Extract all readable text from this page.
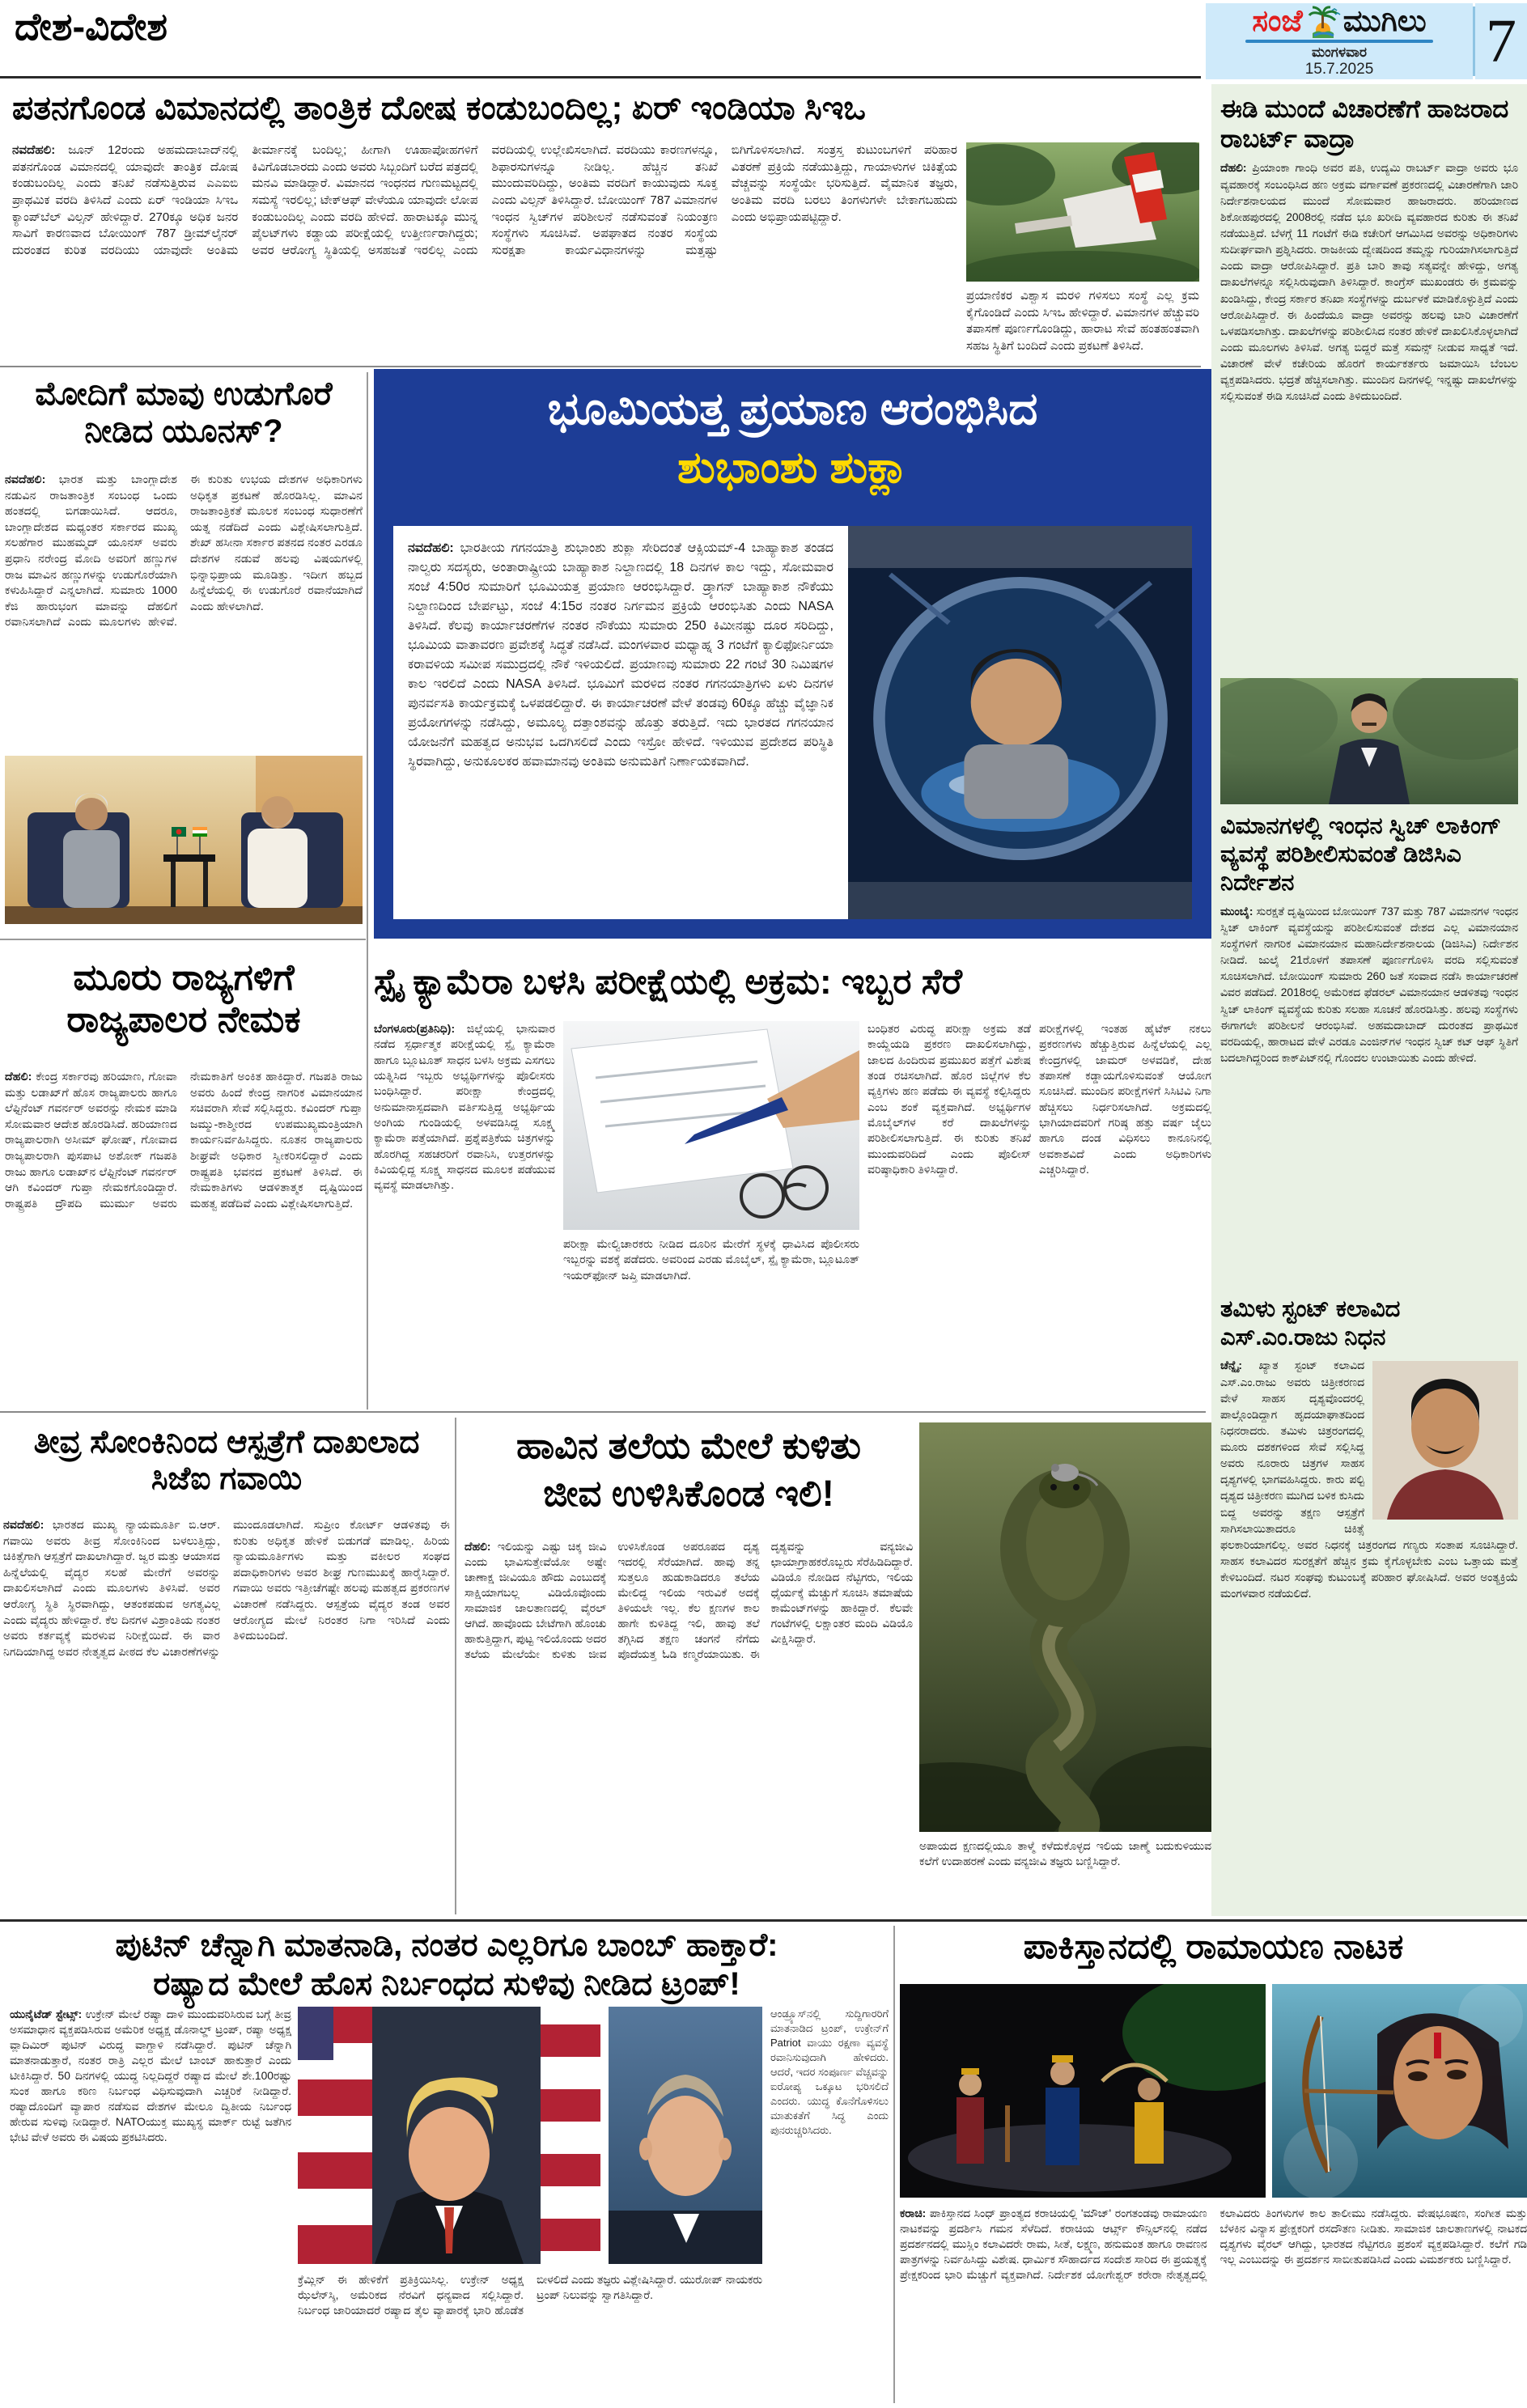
ದೇಶ-ವಿದೇಶ	ಸಂಜೆ ಮುಗಿಲು
ಮಂಗಳವಾರ
15.7.2025 7
ಪತನಗೊಂಡ ವಿಮಾನದಲ್ಲಿ ತಾಂತ್ರಿಕ ದೋಷ ಕಂಡುಬಂದಿಲ್ಲ; ಏರ್ ಇಂಡಿಯಾ ಸಿಇಒ
ನವದೆಹಲಿ: ಜೂನ್ 12ರಂದು ಅಹಮದಾಬಾದ್‌ನಲ್ಲಿ ಪತನಗೊಂಡ ವಿಮಾನದಲ್ಲಿ ಯಾವುದೇ ತಾಂತ್ರಿಕ ದೋಷ ಕಂಡುಬಂದಿಲ್ಲ ಎಂದು ತನಿಖೆ ನಡೆಸುತ್ತಿರುವ ಎಎಐಬಿ ಪ್ರಾಥಮಿಕ ವರದಿ ತಿಳಿಸಿದೆ ಎಂದು ಏರ್ ಇಂಡಿಯಾ ಸಿಇಒ ಕ್ಯಾಂಪ್‌ಬೆಲ್ ವಿಲ್ಸನ್ ಹೇಳಿದ್ದಾರೆ. 270ಕ್ಕೂ ಅಧಿಕ ಜನರ ಸಾವಿಗೆ ಕಾರಣವಾದ ಬೋಯಿಂಗ್ 787 ಡ್ರೀಮ್‌ಲೈನರ್ ದುರಂತದ ಕುರಿತ ವರದಿಯು ಯಾವುದೇ ಅಂತಿಮ ತೀರ್ಮಾನಕ್ಕೆ ಬಂದಿಲ್ಲ; ಹೀಗಾಗಿ ಊಹಾಪೋಹಗಳಿಗೆ ಕಿವಿಗೊಡಬಾರದು ಎಂದು ಅವರು ಸಿಬ್ಬಂದಿಗೆ ಬರೆದ ಪತ್ರದಲ್ಲಿ ಮನವಿ ಮಾಡಿದ್ದಾರೆ. ವಿಮಾನದ ಇಂಧನದ ಗುಣಮಟ್ಟದಲ್ಲಿ ಸಮಸ್ಯೆ ಇರಲಿಲ್ಲ; ಟೇಕ್‌ಆಫ್ ವೇಳೆಯೂ ಯಾವುದೇ ಲೋಪ ಕಂಡುಬಂದಿಲ್ಲ ಎಂದು ವರದಿ ಹೇಳಿದೆ. ಹಾರಾಟಕ್ಕೂ ಮುನ್ನ ಪೈಲಟ್‌ಗಳು ಕಡ್ಡಾಯ ಪರೀಕ್ಷೆಯಲ್ಲಿ ಉತ್ತೀರ್ಣರಾಗಿದ್ದರು; ಅವರ ಆರೋಗ್ಯ ಸ್ಥಿತಿಯಲ್ಲಿ ಅಸಹಜತೆ ಇರಲಿಲ್ಲ ಎಂದು ವರದಿಯಲ್ಲಿ ಉಲ್ಲೇಖಿಸಲಾಗಿದೆ. ವರದಿಯು ಕಾರಣಗಳನ್ನೂ, ಶಿಫಾರಸುಗಳನ್ನೂ ನೀಡಿಲ್ಲ. ಹೆಚ್ಚಿನ ತನಿಖೆ ಮುಂದುವರಿದಿದ್ದು, ಅಂತಿಮ ವರದಿಗೆ ಕಾಯುವುದು ಸೂಕ್ತ ಎಂದು ವಿಲ್ಸನ್ ತಿಳಿಸಿದ್ದಾರೆ. ಬೋಯಿಂಗ್ 787 ವಿಮಾನಗಳ ಇಂಧನ ಸ್ವಿಚ್‌ಗಳ ಪರಿಶೀಲನೆ ನಡೆಸುವಂತೆ ನಿಯಂತ್ರಣ ಸಂಸ್ಥೆಗಳು ಸೂಚಿಸಿವೆ. ಅಪಘಾತದ ನಂತರ ಸಂಸ್ಥೆಯ ಸುರಕ್ಷತಾ ಕಾರ್ಯವಿಧಾನಗಳನ್ನು ಮತ್ತಷ್ಟು ಬಿಗಿಗೊಳಿಸಲಾಗಿದೆ. ಸಂತ್ರಸ್ತ ಕುಟುಂಬಗಳಿಗೆ ಪರಿಹಾರ ವಿತರಣೆ ಪ್ರಕ್ರಿಯೆ ನಡೆಯುತ್ತಿದ್ದು, ಗಾಯಾಳುಗಳ ಚಿಕಿತ್ಸೆಯ ವೆಚ್ಚವನ್ನು ಸಂಸ್ಥೆಯೇ ಭರಿಸುತ್ತಿದೆ. ವೈಮಾನಿಕ ತಜ್ಞರು, ಅಂತಿಮ ವರದಿ ಬರಲು ತಿಂಗಳುಗಳೇ ಬೇಕಾಗಬಹುದು ಎಂದು ಅಭಿಪ್ರಾಯಪಟ್ಟಿದ್ದಾರೆ.
ಪ್ರಯಾಣಿಕರ ವಿಶ್ವಾಸ ಮರಳಿ ಗಳಿಸಲು ಸಂಸ್ಥೆ ಎಲ್ಲ ಕ್ರಮ ಕೈಗೊಂಡಿದೆ ಎಂದು ಸಿಇಒ ಹೇಳಿದ್ದಾರೆ. ವಿಮಾನಗಳ ಹೆಚ್ಚುವರಿ ತಪಾಸಣೆ ಪೂರ್ಣಗೊಂಡಿದ್ದು, ಹಾರಾಟ ಸೇವೆ ಹಂತಹಂತವಾಗಿ ಸಹಜ ಸ್ಥಿತಿಗೆ ಬಂದಿದೆ ಎಂದು ಪ್ರಕಟಣೆ ತಿಳಿಸಿದೆ.
ಮೋದಿಗೆ ಮಾವು ಉಡುಗೊರೆ ನೀಡಿದ ಯೂನಸ್?
ನವದೆಹಲಿ: ಭಾರತ ಮತ್ತು ಬಾಂಗ್ಲಾದೇಶ ನಡುವಿನ ರಾಜತಾಂತ್ರಿಕ ಸಂಬಂಧ ಒಂದು ಹಂತದಲ್ಲಿ ಬಿಗಡಾಯಿಸಿದೆ. ಆದರೂ, ಬಾಂಗ್ಲಾದೇಶದ ಮಧ್ಯಂತರ ಸರ್ಕಾರದ ಮುಖ್ಯ ಸಲಹೆಗಾರ ಮುಹಮ್ಮದ್ ಯೂನಸ್ ಅವರು ಪ್ರಧಾನಿ ನರೇಂದ್ರ ಮೋದಿ ಅವರಿಗೆ ಹಣ್ಣುಗಳ ರಾಜ ಮಾವಿನ ಹಣ್ಣುಗಳನ್ನು ಉಡುಗೊರೆಯಾಗಿ ಕಳುಹಿಸಿದ್ದಾರೆ ಎನ್ನಲಾಗಿದೆ. ಸುಮಾರು 1000 ಕೆಜಿ ಹಾರುಭಂಗ ಮಾವನ್ನು ದೆಹಲಿಗೆ ರವಾನಿಸಲಾಗಿದೆ ಎಂದು ಮೂಲಗಳು ಹೇಳಿವೆ. ಈ ಕುರಿತು ಉಭಯ ದೇಶಗಳ ಅಧಿಕಾರಿಗಳು ಅಧಿಕೃತ ಪ್ರಕಟಣೆ ಹೊರಡಿಸಿಲ್ಲ. ಮಾವಿನ ರಾಜತಾಂತ್ರಿಕತೆ ಮೂಲಕ ಸಂಬಂಧ ಸುಧಾರಣೆಗೆ ಯತ್ನ ನಡೆದಿದೆ ಎಂದು ವಿಶ್ಲೇಷಿಸಲಾಗುತ್ತಿದೆ. ಶೇಖ್ ಹಸೀನಾ ಸರ್ಕಾರ ಪತನದ ನಂತರ ಎರಡೂ ದೇಶಗಳ ನಡುವೆ ಹಲವು ವಿಷಯಗಳಲ್ಲಿ ಭಿನ್ನಾಭಿಪ್ರಾಯ ಮೂಡಿತ್ತು. ಇದೀಗ ಹಬ್ಬದ ಹಿನ್ನೆಲೆಯಲ್ಲಿ ಈ ಉಡುಗೊರೆ ರವಾನೆಯಾಗಿದೆ ಎಂದು ಹೇಳಲಾಗಿದೆ.
ಮೂರು ರಾಜ್ಯಗಳಿಗೆ ರಾಜ್ಯಪಾಲರ ನೇಮಕ
ದೆಹಲಿ: ಕೇಂದ್ರ ಸರ್ಕಾರವು ಹರಿಯಾಣ, ಗೋವಾ ಮತ್ತು ಲಡಾಖ್‌ಗೆ ಹೊಸ ರಾಜ್ಯಪಾಲರು ಹಾಗೂ ಲೆಫ್ಟಿನೆಂಟ್ ಗವರ್ನರ್ ಅವರನ್ನು ನೇಮಕ ಮಾಡಿ ಸೋಮವಾರ ಆದೇಶ ಹೊರಡಿಸಿದೆ. ಹರಿಯಾಣದ ರಾಜ್ಯಪಾಲರಾಗಿ ಅಸೀಮ್ ಘೋಷ್, ಗೋವಾದ ರಾಜ್ಯಪಾಲರಾಗಿ ಪುಸಪಾಟಿ ಅಶೋಕ್ ಗಜಪತಿ ರಾಜು ಹಾಗೂ ಲಡಾಖ್‌ನ ಲೆಫ್ಟಿನೆಂಟ್ ಗವರ್ನರ್ ಆಗಿ ಕವಿಂದರ್ ಗುಪ್ತಾ ನೇಮಕಗೊಂಡಿದ್ದಾರೆ. ರಾಷ್ಟ್ರಪತಿ ದ್ರೌಪದಿ ಮುರ್ಮು ಅವರು ನೇಮಕಾತಿಗೆ ಅಂಕಿತ ಹಾಕಿದ್ದಾರೆ. ಗಜಪತಿ ರಾಜು ಅವರು ಹಿಂದೆ ಕೇಂದ್ರ ನಾಗರಿಕ ವಿಮಾನಯಾನ ಸಚಿವರಾಗಿ ಸೇವೆ ಸಲ್ಲಿಸಿದ್ದರು. ಕವಿಂದರ್ ಗುಪ್ತಾ ಜಮ್ಮು-ಕಾಶ್ಮೀರದ ಉಪಮುಖ್ಯಮಂತ್ರಿಯಾಗಿ ಕಾರ್ಯನಿರ್ವಹಿಸಿದ್ದರು. ನೂತನ ರಾಜ್ಯಪಾಲರು ಶೀಘ್ರವೇ ಅಧಿಕಾರ ಸ್ವೀಕರಿಸಲಿದ್ದಾರೆ ಎಂದು ರಾಷ್ಟ್ರಪತಿ ಭವನದ ಪ್ರಕಟಣೆ ತಿಳಿಸಿದೆ. ಈ ನೇಮಕಾತಿಗಳು ಆಡಳಿತಾತ್ಮಕ ದೃಷ್ಟಿಯಿಂದ ಮಹತ್ವ ಪಡೆದಿವೆ ಎಂದು ವಿಶ್ಲೇಷಿಸಲಾಗುತ್ತಿದೆ.
ಭೂಮಿಯತ್ತ ಪ್ರಯಾಣ ಆರಂಭಿಸಿದ
ಶುಭಾಂಶು ಶುಕ್ಲಾ
ನವದೆಹಲಿ: ಭಾರತೀಯ ಗಗನಯಾತ್ರಿ ಶುಭಾಂಶು ಶುಕ್ಲಾ ಸೇರಿದಂತೆ ಆಕ್ಸಿಯಮ್-4 ಬಾಹ್ಯಾಕಾಶ ತಂಡದ ನಾಲ್ವರು ಸದಸ್ಯರು, ಅಂತಾರಾಷ್ಟ್ರೀಯ ಬಾಹ್ಯಾಕಾಶ ನಿಲ್ದಾಣದಲ್ಲಿ 18 ದಿನಗಳ ಕಾಲ ಇದ್ದು, ಸೋಮವಾರ ಸಂಜೆ 4:50ರ ಸುಮಾರಿಗೆ ಭೂಮಿಯತ್ತ ಪ್ರಯಾಣ ಆರಂಭಿಸಿದ್ದಾರೆ. ಡ್ರ್ಯಾಗನ್ ಬಾಹ್ಯಾಕಾಶ ನೌಕೆಯು ನಿಲ್ದಾಣದಿಂದ ಬೇರ್ಪಟ್ಟು, ಸಂಜೆ 4:15ರ ನಂತರ ನಿರ್ಗಮನ ಪ್ರಕ್ರಿಯೆ ಆರಂಭಿಸಿತು ಎಂದು NASA ತಿಳಿಸಿದೆ. ಕೆಲವು ಕಾರ್ಯಾಚರಣೆಗಳ ನಂತರ ನೌಕೆಯು ಸುಮಾರು 250 ಕಿಮೀನಷ್ಟು ದೂರ ಸರಿದಿದ್ದು, ಭೂಮಿಯ ವಾತಾವರಣ ಪ್ರವೇಶಕ್ಕೆ ಸಿದ್ಧತೆ ನಡೆಸಿದೆ. ಮಂಗಳವಾರ ಮಧ್ಯಾಹ್ನ 3 ಗಂಟೆಗೆ ಕ್ಯಾಲಿಫೋರ್ನಿಯಾ ಕರಾವಳಿಯ ಸಮೀಪ ಸಮುದ್ರದಲ್ಲಿ ನೌಕೆ ಇಳಿಯಲಿದೆ. ಪ್ರಯಾಣವು ಸುಮಾರು 22 ಗಂಟೆ 30 ನಿಮಿಷಗಳ ಕಾಲ ಇರಲಿದೆ ಎಂದು NASA ತಿಳಿಸಿದೆ. ಭೂಮಿಗೆ ಮರಳಿದ ನಂತರ ಗಗನಯಾತ್ರಿಗಳು ಏಳು ದಿನಗಳ ಪುನರ್ವಸತಿ ಕಾರ್ಯಕ್ರಮಕ್ಕೆ ಒಳಪಡಲಿದ್ದಾರೆ. ಈ ಕಾರ್ಯಾಚರಣೆ ವೇಳೆ ತಂಡವು 60ಕ್ಕೂ ಹೆಚ್ಚು ವೈಜ್ಞಾನಿಕ ಪ್ರಯೋಗಗಳನ್ನು ನಡೆಸಿದ್ದು, ಅಮೂಲ್ಯ ದತ್ತಾಂಶವನ್ನು ಹೊತ್ತು ತರುತ್ತಿದೆ. ಇದು ಭಾರತದ ಗಗನಯಾನ ಯೋಜನೆಗೆ ಮಹತ್ವದ ಅನುಭವ ಒದಗಿಸಲಿದೆ ಎಂದು ಇಸ್ರೋ ಹೇಳಿದೆ. ಇಳಿಯುವ ಪ್ರದೇಶದ ಪರಿಸ್ಥಿತಿ ಸ್ಥಿರವಾಗಿದ್ದು, ಅನುಕೂಲಕರ ಹವಾಮಾನವು ಅಂತಿಮ ಅನುಮತಿಗೆ ನಿರ್ಣಾಯಕವಾಗಿದೆ.
ಸ್ಪೈ ಕ್ಯಾಮೆರಾ ಬಳಸಿ ಪರೀಕ್ಷೆಯಲ್ಲಿ ಅಕ್ರಮ: ಇಬ್ಬರ ಸೆರೆ
ಬೆಂಗಳೂರು(ಪ್ರತಿನಿಧಿ): ಜಿಲ್ಲೆಯಲ್ಲಿ ಭಾನುವಾರ ನಡೆದ ಸ್ಪರ್ಧಾತ್ಮಕ ಪರೀಕ್ಷೆಯಲ್ಲಿ ಸ್ಪೈ ಕ್ಯಾಮೆರಾ ಹಾಗೂ ಬ್ಲೂಟೂತ್ ಸಾಧನ ಬಳಸಿ ಅಕ್ರಮ ಎಸಗಲು ಯತ್ನಿಸಿದ ಇಬ್ಬರು ಅಭ್ಯರ್ಥಿಗಳನ್ನು ಪೊಲೀಸರು ಬಂಧಿಸಿದ್ದಾರೆ. ಪರೀಕ್ಷಾ ಕೇಂದ್ರದಲ್ಲಿ ಅನುಮಾನಾಸ್ಪದವಾಗಿ ವರ್ತಿಸುತ್ತಿದ್ದ ಅಭ್ಯರ್ಥಿಯ ಅಂಗಿಯ ಗುಂಡಿಯಲ್ಲಿ ಅಳವಡಿಸಿದ್ದ ಸೂಕ್ಷ್ಮ ಕ್ಯಾಮೆರಾ ಪತ್ತೆಯಾಗಿದೆ. ಪ್ರಶ್ನೆಪತ್ರಿಕೆಯ ಚಿತ್ರಗಳನ್ನು ಹೊರಗಿದ್ದ ಸಹಚರರಿಗೆ ರವಾನಿಸಿ, ಉತ್ತರಗಳನ್ನು ಕಿವಿಯಲ್ಲಿದ್ದ ಸೂಕ್ಷ್ಮ ಸಾಧನದ ಮೂಲಕ ಪಡೆಯುವ ವ್ಯವಸ್ಥೆ ಮಾಡಲಾಗಿತ್ತು.
ಪರೀಕ್ಷಾ ಮೇಲ್ವಿಚಾರಕರು ನೀಡಿದ ದೂರಿನ ಮೇರೆಗೆ ಸ್ಥಳಕ್ಕೆ ಧಾವಿಸಿದ ಪೊಲೀಸರು ಇಬ್ಬರನ್ನು ವಶಕ್ಕೆ ಪಡೆದರು. ಅವರಿಂದ ಎರಡು ಮೊಬೈಲ್, ಸ್ಪೈ ಕ್ಯಾಮೆರಾ, ಬ್ಲೂಟೂತ್ ಇಯರ್‌ಫೋನ್ ಜಪ್ತಿ ಮಾಡಲಾಗಿದೆ.
ಬಂಧಿತರ ವಿರುದ್ಧ ಪರೀಕ್ಷಾ ಅಕ್ರಮ ತಡೆ ಕಾಯ್ದೆಯಡಿ ಪ್ರಕರಣ ದಾಖಲಿಸಲಾಗಿದ್ದು, ಜಾಲದ ಹಿಂದಿರುವ ಪ್ರಮುಖರ ಪತ್ತೆಗೆ ವಿಶೇಷ ತಂಡ ರಚಿಸಲಾಗಿದೆ. ಹೊರ ಜಿಲ್ಲೆಗಳ ಕೆಲ ವ್ಯಕ್ತಿಗಳು ಹಣ ಪಡೆದು ಈ ವ್ಯವಸ್ಥೆ ಕಲ್ಪಿಸಿದ್ದರು ಎಂಬ ಶಂಕೆ ವ್ಯಕ್ತವಾಗಿದೆ. ಅಭ್ಯರ್ಥಿಗಳ ಮೊಬೈಲ್‌ಗಳ ಕರೆ ದಾಖಲೆಗಳನ್ನು ಪರಿಶೀಲಿಸಲಾಗುತ್ತಿದೆ. ಈ ಕುರಿತು ತನಿಖೆ ಮುಂದುವರಿದಿದೆ ಎಂದು ಪೊಲೀಸ್ ವರಿಷ್ಠಾಧಿಕಾರಿ ತಿಳಿಸಿದ್ದಾರೆ.
ಪರೀಕ್ಷೆಗಳಲ್ಲಿ ಇಂತಹ ಹೈಟೆಕ್ ನಕಲು ಪ್ರಕರಣಗಳು ಹೆಚ್ಚುತ್ತಿರುವ ಹಿನ್ನೆಲೆಯಲ್ಲಿ ಎಲ್ಲ ಕೇಂದ್ರಗಳಲ್ಲಿ ಜಾಮರ್ ಅಳವಡಿಕೆ, ದೇಹ ತಪಾಸಣೆ ಕಡ್ಡಾಯಗೊಳಿಸುವಂತೆ ಆಯೋಗ ಸೂಚಿಸಿದೆ. ಮುಂದಿನ ಪರೀಕ್ಷೆಗಳಿಗೆ ಸಿಸಿಟಿವಿ ನಿಗಾ ಹೆಚ್ಚಿಸಲು ನಿರ್ಧರಿಸಲಾಗಿದೆ. ಅಕ್ರಮದಲ್ಲಿ ಭಾಗಿಯಾದವರಿಗೆ ಗರಿಷ್ಠ ಹತ್ತು ವರ್ಷ ಜೈಲು ಹಾಗೂ ದಂಡ ವಿಧಿಸಲು ಕಾನೂನಿನಲ್ಲಿ ಅವಕಾಶವಿದೆ ಎಂದು ಅಧಿಕಾರಿಗಳು ಎಚ್ಚರಿಸಿದ್ದಾರೆ.
ತೀವ್ರ ಸೋಂಕಿನಿಂದ ಆಸ್ಪತ್ರೆಗೆ ದಾಖಲಾದ ಸಿಜೆಐ ಗವಾಯಿ
ನವದೆಹಲಿ: ಭಾರತದ ಮುಖ್ಯ ನ್ಯಾಯಮೂರ್ತಿ ಬಿ.ಆರ್. ಗವಾಯಿ ಅವರು ತೀವ್ರ ಸೋಂಕಿನಿಂದ ಬಳಲುತ್ತಿದ್ದು, ಚಿಕಿತ್ಸೆಗಾಗಿ ಆಸ್ಪತ್ರೆಗೆ ದಾಖಲಾಗಿದ್ದಾರೆ. ಜ್ವರ ಮತ್ತು ಆಯಾಸದ ಹಿನ್ನೆಲೆಯಲ್ಲಿ ವೈದ್ಯರ ಸಲಹೆ ಮೇರೆಗೆ ಅವರನ್ನು ದಾಖಲಿಸಲಾಗಿದೆ ಎಂದು ಮೂಲಗಳು ತಿಳಿಸಿವೆ. ಅವರ ಆರೋಗ್ಯ ಸ್ಥಿತಿ ಸ್ಥಿರವಾಗಿದ್ದು, ಆತಂಕಪಡುವ ಅಗತ್ಯವಿಲ್ಲ ಎಂದು ವೈದ್ಯರು ಹೇಳಿದ್ದಾರೆ. ಕೆಲ ದಿನಗಳ ವಿಶ್ರಾಂತಿಯ ನಂತರ ಅವರು ಕರ್ತವ್ಯಕ್ಕೆ ಮರಳುವ ನಿರೀಕ್ಷೆಯಿದೆ. ಈ ವಾರ ನಿಗದಿಯಾಗಿದ್ದ ಅವರ ನೇತೃತ್ವದ ಪೀಠದ ಕೆಲ ವಿಚಾರಣೆಗಳನ್ನು ಮುಂದೂಡಲಾಗಿದೆ. ಸುಪ್ರೀಂ ಕೋರ್ಟ್ ಆಡಳಿತವು ಈ ಕುರಿತು ಅಧಿಕೃತ ಹೇಳಿಕೆ ಬಿಡುಗಡೆ ಮಾಡಿಲ್ಲ. ಹಿರಿಯ ನ್ಯಾಯಮೂರ್ತಿಗಳು ಮತ್ತು ವಕೀಲರ ಸಂಘದ ಪದಾಧಿಕಾರಿಗಳು ಅವರ ಶೀಘ್ರ ಗುಣಮುಖಕ್ಕೆ ಹಾರೈಸಿದ್ದಾರೆ. ಗವಾಯಿ ಅವರು ಇತ್ತೀಚೆಗಷ್ಟೇ ಹಲವು ಮಹತ್ವದ ಪ್ರಕರಣಗಳ ವಿಚಾರಣೆ ನಡೆಸಿದ್ದರು. ಆಸ್ಪತ್ರೆಯ ವೈದ್ಯರ ತಂಡ ಅವರ ಆರೋಗ್ಯದ ಮೇಲೆ ನಿರಂತರ ನಿಗಾ ಇರಿಸಿದೆ ಎಂದು ತಿಳಿದುಬಂದಿದೆ.
ಹಾವಿನ ತಲೆಯ ಮೇಲೆ ಕುಳಿತು
ಜೀವ ಉಳಿಸಿಕೊಂಡ ಇಲಿ!
ದೆಹಲಿ: ಇಲಿಯನ್ನು ಎಷ್ಟು ಚಿಕ್ಕ ಜೀವಿ ಎಂದು ಭಾವಿಸುತ್ತೇವೆಯೋ ಅಷ್ಟೇ ಚಾಣಾಕ್ಷ ಜೀವಿಯೂ ಹೌದು ಎಂಬುದಕ್ಕೆ ಸಾಕ್ಷಿಯಾಗಬಲ್ಲ ವಿಡಿಯೊವೊಂದು ಸಾಮಾಜಿಕ ಜಾಲತಾಣದಲ್ಲಿ ವೈರಲ್ ಆಗಿದೆ. ಹಾವೊಂದು ಬೇಟೆಗಾಗಿ ಹೊಂಚು ಹಾಕುತ್ತಿದ್ದಾಗ, ಪುಟ್ಟ ಇಲಿಯೊಂದು ಅದರ ತಲೆಯ ಮೇಲೆಯೇ ಕುಳಿತು ಜೀವ ಉಳಿಸಿಕೊಂಡ ಅಪರೂಪದ ದೃಶ್ಯ ಇದರಲ್ಲಿ ಸೆರೆಯಾಗಿದೆ. ಹಾವು ತನ್ನ ಸುತ್ತಲೂ ಹುಡುಕಾಡಿದರೂ ತಲೆಯ ಮೇಲಿದ್ದ ಇಲಿಯ ಇರುವಿಕೆ ಅದಕ್ಕೆ ತಿಳಿಯಲೇ ಇಲ್ಲ. ಕೆಲ ಕ್ಷಣಗಳ ಕಾಲ ಹಾಗೇ ಕುಳಿತಿದ್ದ ಇಲಿ, ಹಾವು ತಲೆ ತಗ್ಗಿಸಿದ ತಕ್ಷಣ ಚಂಗನೆ ನೆಗೆದು ಪೊದೆಯತ್ತ ಓಡಿ ಕಣ್ಮರೆಯಾಯಿತು. ಈ ದೃಶ್ಯವನ್ನು ವನ್ಯಜೀವಿ ಛಾಯಾಗ್ರಾಹಕರೊಬ್ಬರು ಸೆರೆಹಿಡಿದಿದ್ದಾರೆ. ವಿಡಿಯೊ ನೋಡಿದ ನೆಟ್ಟಿಗರು, ಇಲಿಯ ಧೈರ್ಯಕ್ಕೆ ಮೆಚ್ಚುಗೆ ಸೂಚಿಸಿ ತಮಾಷೆಯ ಕಾಮೆಂಟ್‌ಗಳನ್ನು ಹಾಕಿದ್ದಾರೆ. ಕೆಲವೇ ಗಂಟೆಗಳಲ್ಲಿ ಲಕ್ಷಾಂತರ ಮಂದಿ ವಿಡಿಯೊ ವೀಕ್ಷಿಸಿದ್ದಾರೆ.
ಅಪಾಯದ ಕ್ಷಣದಲ್ಲಿಯೂ ತಾಳ್ಮೆ ಕಳೆದುಕೊಳ್ಳದ ಇಲಿಯ ಜಾಣ್ಮೆ ಬದುಕುಳಿಯುವ ಕಲೆಗೆ ಉದಾಹರಣೆ ಎಂದು ವನ್ಯಜೀವಿ ತಜ್ಞರು ಬಣ್ಣಿಸಿದ್ದಾರೆ.
ಈಡಿ ಮುಂದೆ ವಿಚಾರಣೆಗೆ ಹಾಜರಾದ ರಾಬರ್ಟ್ ವಾದ್ರಾ
ದೆಹಲಿ: ಪ್ರಿಯಾಂಕಾ ಗಾಂಧಿ ಅವರ ಪತಿ, ಉದ್ಯಮಿ ರಾಬರ್ಟ್ ವಾದ್ರಾ ಅವರು ಭೂ ವ್ಯವಹಾರಕ್ಕೆ ಸಂಬಂಧಿಸಿದ ಹಣ ಅಕ್ರಮ ವರ್ಗಾವಣೆ ಪ್ರಕರಣದಲ್ಲಿ ವಿಚಾರಣೆಗಾಗಿ ಜಾರಿ ನಿರ್ದೇಶನಾಲಯದ ಮುಂದೆ ಸೋಮವಾರ ಹಾಜರಾದರು. ಹರಿಯಾಣದ ಶಿಕೋಹಪುರದಲ್ಲಿ 2008ರಲ್ಲಿ ನಡೆದ ಭೂ ಖರೀದಿ ವ್ಯವಹಾರದ ಕುರಿತು ಈ ತನಿಖೆ ನಡೆಯುತ್ತಿದೆ. ಬೆಳಗ್ಗೆ 11 ಗಂಟೆಗೆ ಈಡಿ ಕಚೇರಿಗೆ ಆಗಮಿಸಿದ ಅವರನ್ನು ಅಧಿಕಾರಿಗಳು ಸುದೀರ್ಘವಾಗಿ ಪ್ರಶ್ನಿಸಿದರು. ರಾಜಕೀಯ ದ್ವೇಷದಿಂದ ತಮ್ಮನ್ನು ಗುರಿಯಾಗಿಸಲಾಗುತ್ತಿದೆ ಎಂದು ವಾದ್ರಾ ಆರೋಪಿಸಿದ್ದಾರೆ. ಪ್ರತಿ ಬಾರಿ ತಾವು ಸತ್ಯವನ್ನೇ ಹೇಳಿದ್ದು, ಅಗತ್ಯ ದಾಖಲೆಗಳನ್ನೂ ಸಲ್ಲಿಸಿರುವುದಾಗಿ ತಿಳಿಸಿದ್ದಾರೆ. ಕಾಂಗ್ರೆಸ್ ಮುಖಂಡರು ಈ ಕ್ರಮವನ್ನು ಖಂಡಿಸಿದ್ದು, ಕೇಂದ್ರ ಸರ್ಕಾರ ತನಿಖಾ ಸಂಸ್ಥೆಗಳನ್ನು ದುರ್ಬಳಕೆ ಮಾಡಿಕೊಳ್ಳುತ್ತಿದೆ ಎಂದು ಆರೋಪಿಸಿದ್ದಾರೆ. ಈ ಹಿಂದೆಯೂ ವಾದ್ರಾ ಅವರನ್ನು ಹಲವು ಬಾರಿ ವಿಚಾರಣೆಗೆ ಒಳಪಡಿಸಲಾಗಿತ್ತು. ದಾಖಲೆಗಳನ್ನು ಪರಿಶೀಲಿಸಿದ ನಂತರ ಹೇಳಿಕೆ ದಾಖಲಿಸಿಕೊಳ್ಳಲಾಗಿದೆ ಎಂದು ಮೂಲಗಳು ತಿಳಿಸಿವೆ. ಅಗತ್ಯ ಬಿದ್ದರೆ ಮತ್ತೆ ಸಮನ್ಸ್ ನೀಡುವ ಸಾಧ್ಯತೆ ಇದೆ. ವಿಚಾರಣೆ ವೇಳೆ ಕಚೇರಿಯ ಹೊರಗೆ ಕಾರ್ಯಕರ್ತರು ಜಮಾಯಿಸಿ ಬೆಂಬಲ ವ್ಯಕ್ತಪಡಿಸಿದರು. ಭದ್ರತೆ ಹೆಚ್ಚಿಸಲಾಗಿತ್ತು. ಮುಂದಿನ ದಿನಗಳಲ್ಲಿ ಇನ್ನಷ್ಟು ದಾಖಲೆಗಳನ್ನು ಸಲ್ಲಿಸುವಂತೆ ಈಡಿ ಸೂಚಿಸಿದೆ ಎಂದು ತಿಳಿದುಬಂದಿದೆ.
ವಿಮಾನಗಳಲ್ಲಿ ಇಂಧನ ಸ್ವಿಚ್ ಲಾಕಿಂಗ್ ವ್ಯವಸ್ಥೆ ಪರಿಶೀಲಿಸುವಂತೆ ಡಿಜಿಸಿಎ ನಿರ್ದೇಶನ
ಮುಂಬೈ: ಸುರಕ್ಷತೆ ದೃಷ್ಟಿಯಿಂದ ಬೋಯಿಂಗ್ 737 ಮತ್ತು 787 ವಿಮಾನಗಳ ಇಂಧನ ಸ್ವಿಚ್ ಲಾಕಿಂಗ್ ವ್ಯವಸ್ಥೆಯನ್ನು ಪರಿಶೀಲಿಸುವಂತೆ ದೇಶದ ಎಲ್ಲ ವಿಮಾನಯಾನ ಸಂಸ್ಥೆಗಳಿಗೆ ನಾಗರಿಕ ವಿಮಾನಯಾನ ಮಹಾನಿರ್ದೇಶನಾಲಯ (ಡಿಜಿಸಿಎ) ನಿರ್ದೇಶನ ನೀಡಿದೆ. ಜುಲೈ 21ರೊಳಗೆ ತಪಾಸಣೆ ಪೂರ್ಣಗೊಳಿಸಿ ವರದಿ ಸಲ್ಲಿಸುವಂತೆ ಸೂಚಿಸಲಾಗಿದೆ. ಬೋಯಿಂಗ್ ಸುಮಾರು 260 ಜತೆ ಸಂವಾದ ನಡೆಸಿ ಕಾರ್ಯಾಚರಣೆ ವಿವರ ಪಡೆದಿದೆ. 2018ರಲ್ಲಿ ಅಮೆರಿಕದ ಫೆಡರಲ್ ವಿಮಾನಯಾನ ಆಡಳಿತವು ಇಂಧನ ಸ್ವಿಚ್ ಲಾಕಿಂಗ್ ವ್ಯವಸ್ಥೆಯ ಕುರಿತು ಸಲಹಾ ಸೂಚನೆ ಹೊರಡಿಸಿತ್ತು. ಹಲವು ಸಂಸ್ಥೆಗಳು ಈಗಾಗಲೇ ಪರಿಶೀಲನೆ ಆರಂಭಿಸಿವೆ. ಅಹಮದಾಬಾದ್ ದುರಂತದ ಪ್ರಾಥಮಿಕ ವರದಿಯಲ್ಲಿ, ಹಾರಾಟದ ವೇಳೆ ಎರಡೂ ಎಂಜಿನ್‌ಗಳ ಇಂಧನ ಸ್ವಿಚ್ ಕಟ್ ಆಫ್ ಸ್ಥಿತಿಗೆ ಬದಲಾಗಿದ್ದರಿಂದ ಕಾಕ್‌ಪಿಟ್‌ನಲ್ಲಿ ಗೊಂದಲ ಉಂಟಾಯಿತು ಎಂದು ಹೇಳಿದೆ.
ತಮಿಳು ಸ್ಟಂಟ್ ಕಲಾವಿದ ಎಸ್.ಎಂ.ರಾಜು ನಿಧನ
ಚೆನ್ನೈ: ಖ್ಯಾತ ಸ್ಟಂಟ್ ಕಲಾವಿದ ಎಸ್.ಎಂ.ರಾಜು ಅವರು ಚಿತ್ರೀಕರಣದ ವೇಳೆ ಸಾಹಸ ದೃಶ್ಯವೊಂದರಲ್ಲಿ ಪಾಲ್ಗೊಂಡಿದ್ದಾಗ ಹೃದಯಾಘಾತದಿಂದ ನಿಧನರಾದರು. ತಮಿಳು ಚಿತ್ರರಂಗದಲ್ಲಿ ಮೂರು ದಶಕಗಳಿಂದ ಸೇವೆ ಸಲ್ಲಿಸಿದ್ದ ಅವರು ನೂರಾರು ಚಿತ್ರಗಳ ಸಾಹಸ ದೃಶ್ಯಗಳಲ್ಲಿ ಭಾಗವಹಿಸಿದ್ದರು. ಕಾರು ಪಲ್ಟಿ ದೃಶ್ಯದ ಚಿತ್ರೀಕರಣ ಮುಗಿದ ಬಳಿಕ ಕುಸಿದು ಬಿದ್ದ ಅವರನ್ನು ತಕ್ಷಣ ಆಸ್ಪತ್ರೆಗೆ ಸಾಗಿಸಲಾಯಿತಾದರೂ ಚಿಕಿತ್ಸೆ ಫಲಕಾರಿಯಾಗಲಿಲ್ಲ. ಅವರ ನಿಧನಕ್ಕೆ ಚಿತ್ರರಂಗದ ಗಣ್ಯರು ಸಂತಾಪ ಸೂಚಿಸಿದ್ದಾರೆ. ಸಾಹಸ ಕಲಾವಿದರ ಸುರಕ್ಷತೆಗೆ ಹೆಚ್ಚಿನ ಕ್ರಮ ಕೈಗೊಳ್ಳಬೇಕು ಎಂಬ ಒತ್ತಾಯ ಮತ್ತೆ ಕೇಳಿಬಂದಿದೆ. ನಟರ ಸಂಘವು ಕುಟುಂಬಕ್ಕೆ ಪರಿಹಾರ ಘೋಷಿಸಿದೆ. ಅವರ ಅಂತ್ಯಕ್ರಿಯೆ ಮಂಗಳವಾರ ನಡೆಯಲಿದೆ.
ಪುಟಿನ್ ಚೆನ್ನಾಗಿ ಮಾತನಾಡಿ, ನಂತರ ಎಲ್ಲರಿಗೂ ಬಾಂಬ್ ಹಾಕ್ತಾರೆ:
ರಷ್ಯಾದ ಮೇಲೆ ಹೊಸ ನಿರ್ಬಂಧದ ಸುಳಿವು ನೀಡಿದ ಟ್ರಂಪ್!
ಯುನೈಟೆಡ್ ಸ್ಟೇಟ್ಸ್: ಉಕ್ರೇನ್ ಮೇಲೆ ರಷ್ಯಾ ದಾಳಿ ಮುಂದುವರಿಸಿರುವ ಬಗ್ಗೆ ತೀವ್ರ ಅಸಮಾಧಾನ ವ್ಯಕ್ತಪಡಿಸಿರುವ ಅಮೆರಿಕ ಅಧ್ಯಕ್ಷ ಡೊನಾಲ್ಡ್ ಟ್ರಂಪ್, ರಷ್ಯಾ ಅಧ್ಯಕ್ಷ ವ್ಲಾದಿಮಿರ್ ಪುಟಿನ್ ವಿರುದ್ಧ ವಾಗ್ದಾಳಿ ನಡೆಸಿದ್ದಾರೆ. ಪುಟಿನ್ ಚೆನ್ನಾಗಿ ಮಾತನಾಡುತ್ತಾರೆ, ನಂತರ ರಾತ್ರಿ ಎಲ್ಲರ ಮೇಲೆ ಬಾಂಬ್ ಹಾಕುತ್ತಾರೆ ಎಂದು ಟೀಕಿಸಿದ್ದಾರೆ. 50 ದಿನಗಳಲ್ಲಿ ಯುದ್ಧ ನಿಲ್ಲದಿದ್ದರೆ ರಷ್ಯಾದ ಮೇಲೆ ಶೇ.100ರಷ್ಟು ಸುಂಕ ಹಾಗೂ ಕಠಿಣ ನಿರ್ಬಂಧ ವಿಧಿಸುವುದಾಗಿ ಎಚ್ಚರಿಕೆ ನೀಡಿದ್ದಾರೆ. ರಷ್ಯಾದೊಂದಿಗೆ ವ್ಯಾಪಾರ ನಡೆಸುವ ದೇಶಗಳ ಮೇಲೂ ದ್ವಿತೀಯ ನಿರ್ಬಂಧ ಹೇರುವ ಸುಳಿವು ನೀಡಿದ್ದಾರೆ. NATOಯುಕ್ತ ಮುಖ್ಯಸ್ಥ ಮಾರ್ಕ್ ರುಟ್ಟೆ ಜತೆಗಿನ ಭೇಟಿ ವೇಳೆ ಅವರು ಈ ವಿಷಯ ಪ್ರಕಟಿಸಿದರು.
ಆಂಡ್ರ್ಯೂಸ್‌ನಲ್ಲಿ ಸುದ್ದಿಗಾರರಿಗೆ ಮಾತನಾಡಿದ ಟ್ರಂಪ್, ಉಕ್ರೇನ್‌ಗೆ Patriot ವಾಯು ರಕ್ಷಣಾ ವ್ಯವಸ್ಥೆ ರವಾನಿಸುವುದಾಗಿ ಹೇಳಿದರು. ಆದರೆ, ಇದರ ಸಂಪೂರ್ಣ ವೆಚ್ಚವನ್ನು ಐರೋಪ್ಯ ಒಕ್ಕೂಟ ಭರಿಸಲಿದೆ ಎಂದರು. ಯುದ್ಧ ಕೊನೆಗೊಳಿಸಲು ಮಾತುಕತೆಗೆ ಸಿದ್ಧ ಎಂದು ಪುನರುಚ್ಚರಿಸಿದರು.
ಕ್ರೆಮ್ಲಿನ್ ಈ ಹೇಳಿಕೆಗೆ ಪ್ರತಿಕ್ರಿಯಿಸಿಲ್ಲ. ಉಕ್ರೇನ್ ಅಧ್ಯಕ್ಷ ಝೆಲೆನ್‌ಸ್ಕಿ, ಅಮೆರಿಕದ ನೆರವಿಗೆ ಧನ್ಯವಾದ ಸಲ್ಲಿಸಿದ್ದಾರೆ. ನಿರ್ಬಂಧ ಜಾರಿಯಾದರೆ ರಷ್ಯಾದ ತೈಲ ವ್ಯಾಪಾರಕ್ಕೆ ಭಾರಿ ಹೊಡೆತ ಬೀಳಲಿದೆ ಎಂದು ತಜ್ಞರು ವಿಶ್ಲೇಷಿಸಿದ್ದಾರೆ. ಯುರೋಪ್ ನಾಯಕರು ಟ್ರಂಪ್ ನಿಲುವನ್ನು ಸ್ವಾಗತಿಸಿದ್ದಾರೆ.
ಪಾಕಿಸ್ತಾನದಲ್ಲಿ ರಾಮಾಯಣ ನಾಟಕ
ಕರಾಚಿ: ಪಾಕಿಸ್ತಾನದ ಸಿಂಧ್ ಪ್ರಾಂತ್ಯದ ಕರಾಚಿಯಲ್ಲಿ 'ಮೌಜ್' ರಂಗತಂಡವು ರಾಮಾಯಣ ನಾಟಕವನ್ನು ಪ್ರದರ್ಶಿಸಿ ಗಮನ ಸೆಳೆದಿದೆ. ಕರಾಚಿಯ ಆರ್ಟ್ಸ್ ಕೌನ್ಸಿಲ್‌ನಲ್ಲಿ ನಡೆದ ಪ್ರದರ್ಶನದಲ್ಲಿ ಮುಸ್ಲಿಂ ಕಲಾವಿದರೇ ರಾಮ, ಸೀತೆ, ಲಕ್ಷ್ಮಣ, ಹನುಮಂತ ಹಾಗೂ ರಾವಣನ ಪಾತ್ರಗಳನ್ನು ನಿರ್ವಹಿಸಿದ್ದು ವಿಶೇಷ. ಧಾರ್ಮಿಕ ಸೌಹಾರ್ದದ ಸಂದೇಶ ಸಾರಿದ ಈ ಪ್ರಯತ್ನಕ್ಕೆ ಪ್ರೇಕ್ಷಕರಿಂದ ಭಾರಿ ಮೆಚ್ಚುಗೆ ವ್ಯಕ್ತವಾಗಿದೆ. ನಿರ್ದೇಶಕ ಯೋಗೇಶ್ವರ್ ಕರೇರಾ ನೇತೃತ್ವದಲ್ಲಿ ಕಲಾವಿದರು ತಿಂಗಳುಗಳ ಕಾಲ ತಾಲೀಮು ನಡೆಸಿದ್ದರು. ವೇಷಭೂಷಣ, ಸಂಗೀತ ಮತ್ತು ಬೆಳಕಿನ ವಿನ್ಯಾಸ ಪ್ರೇಕ್ಷಕರಿಗೆ ರಸದೌತಣ ನೀಡಿತು. ಸಾಮಾಜಿಕ ಜಾಲತಾಣಗಳಲ್ಲಿ ನಾಟಕದ ದೃಶ್ಯಗಳು ವೈರಲ್ ಆಗಿದ್ದು, ಭಾರತದ ನೆಟ್ಟಿಗರೂ ಪ್ರಶಂಸೆ ವ್ಯಕ್ತಪಡಿಸಿದ್ದಾರೆ. ಕಲೆಗೆ ಗಡಿ ಇಲ್ಲ ಎಂಬುದನ್ನು ಈ ಪ್ರದರ್ಶನ ಸಾಬೀತುಪಡಿಸಿದೆ ಎಂದು ವಿಮರ್ಶಕರು ಬಣ್ಣಿಸಿದ್ದಾರೆ.
